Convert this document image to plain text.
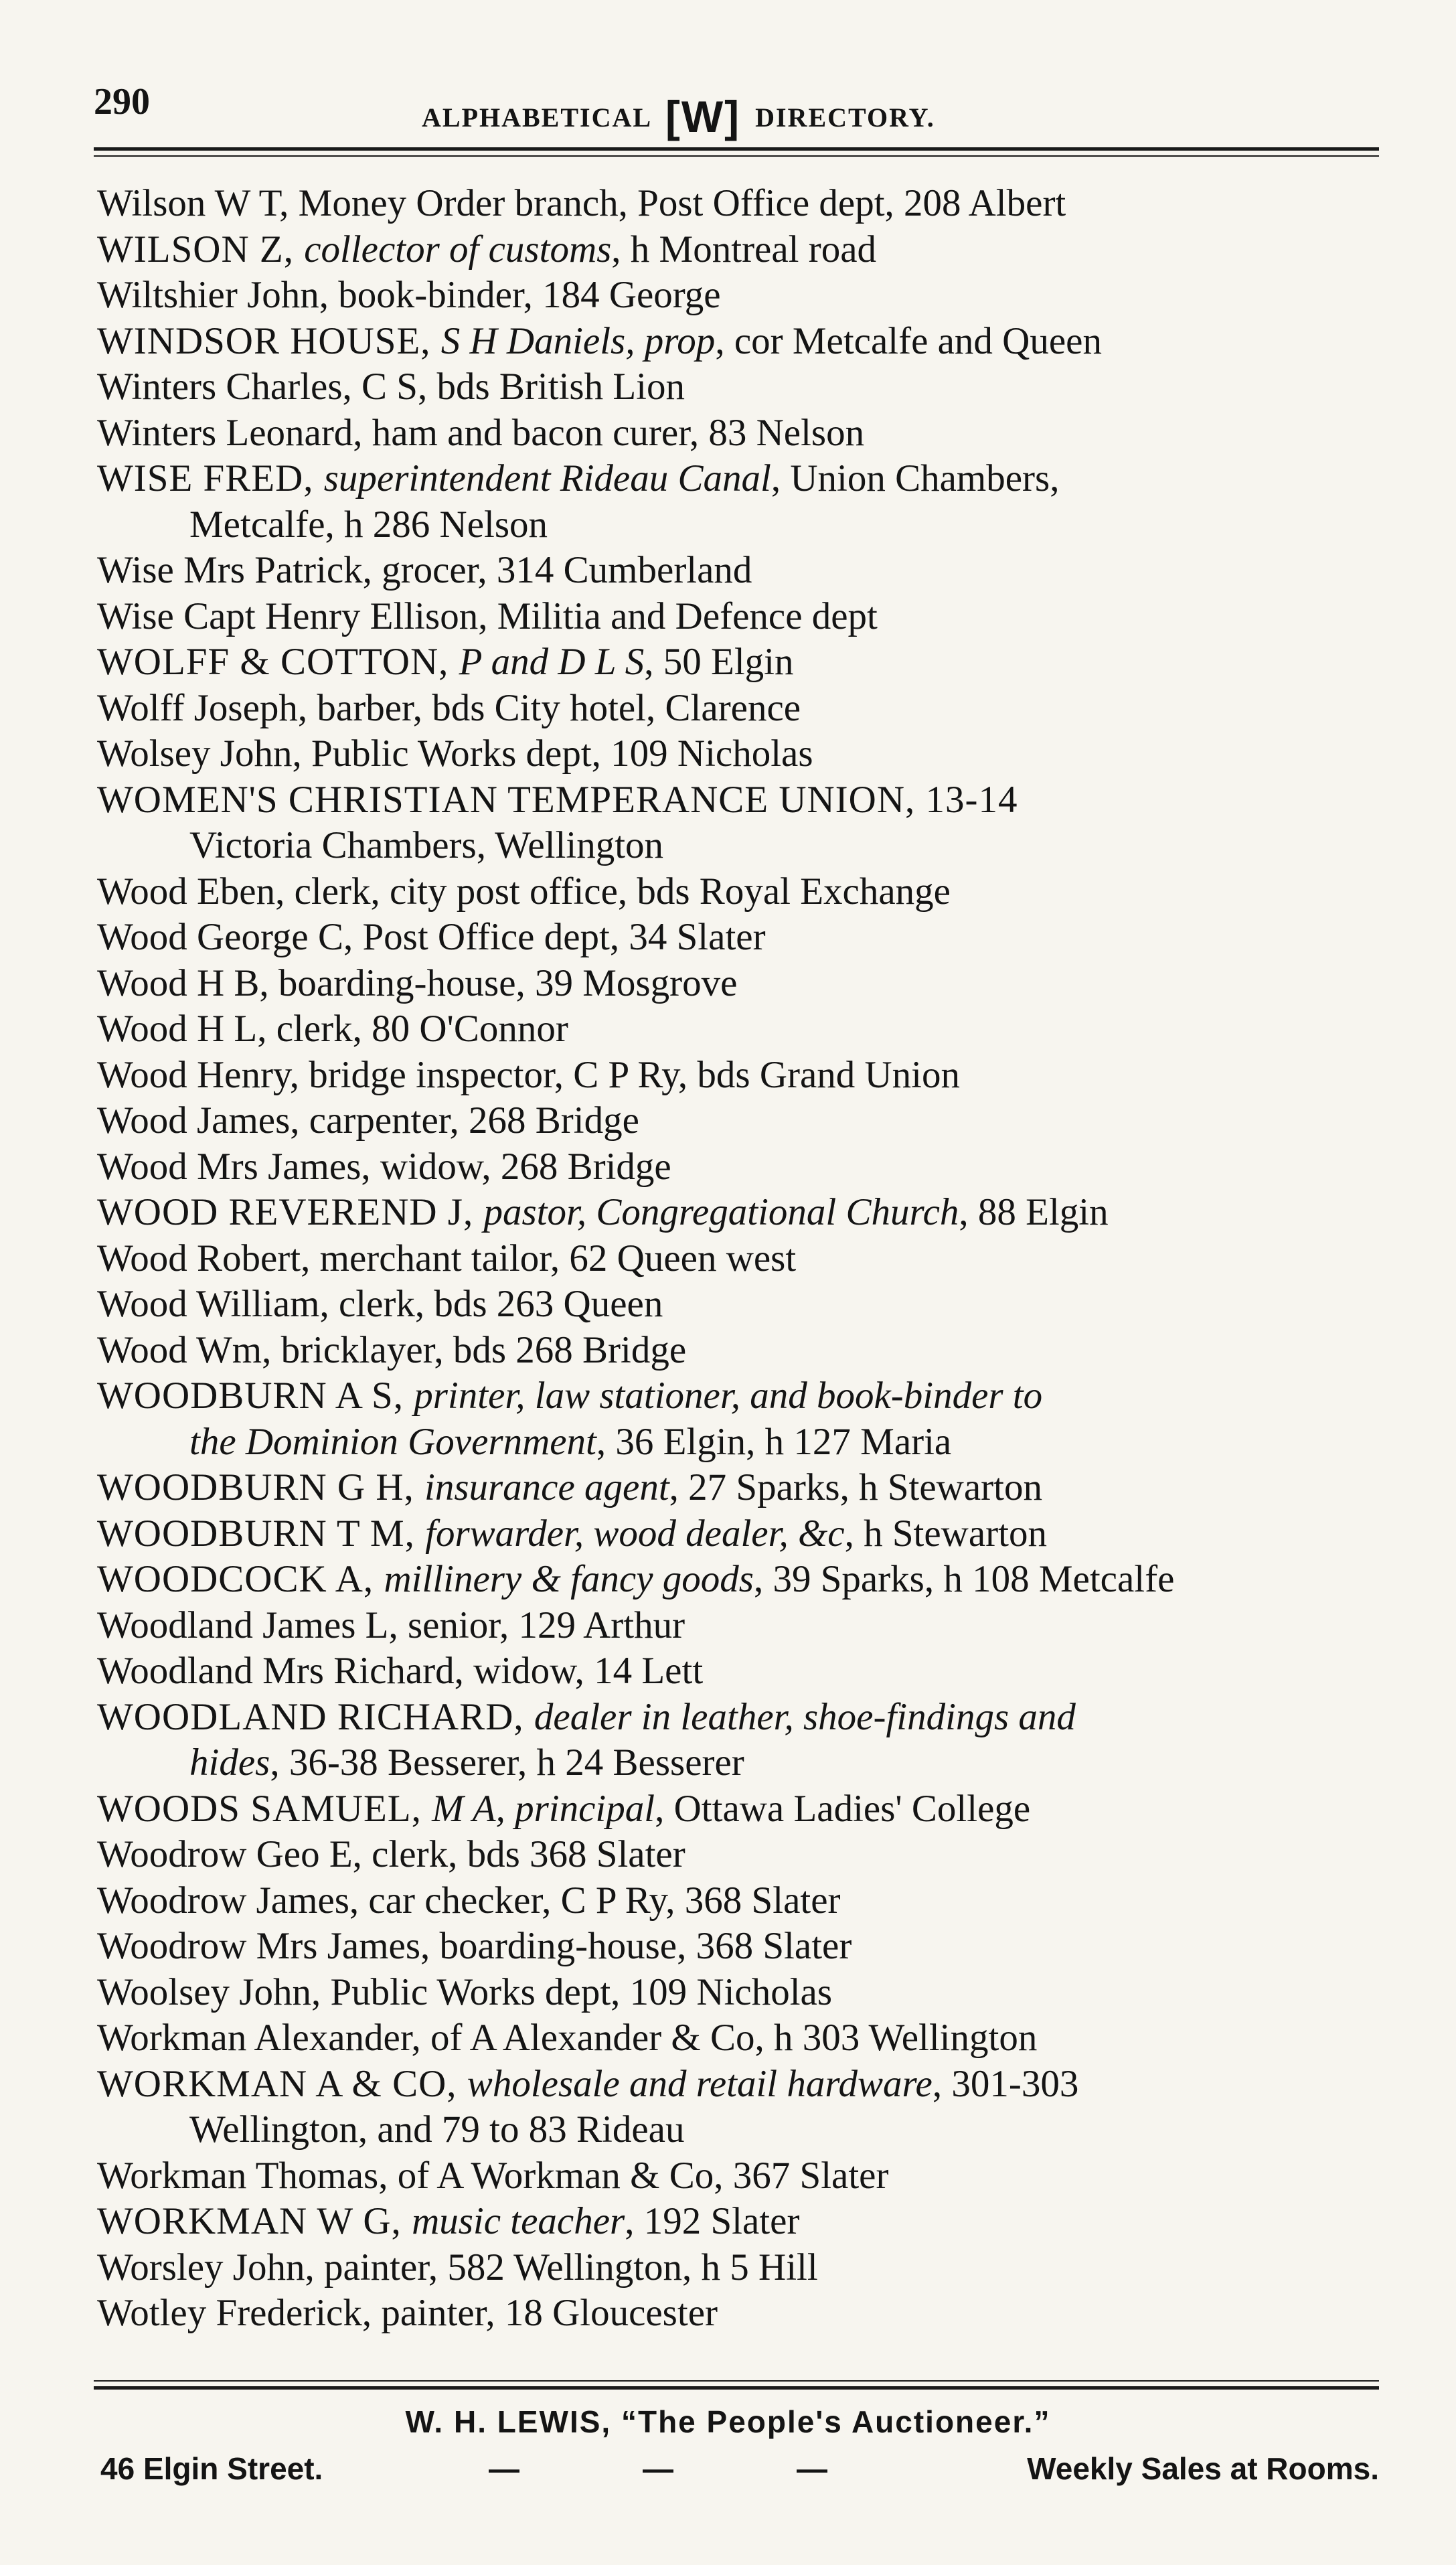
290	ALPHABETICAL [W] DIRECTORY.
Wilson W T, Money Order branch, Post Office dept, 208 Albert
WILSON Z, collector of customs, h Montreal road
Wiltshier John, book-binder, 184 George
WINDSOR HOUSE, S H Daniels, prop, cor Metcalfe and Queen
Winters Charles, C S, bds British Lion
Winters Leonard, ham and bacon curer, 83 Nelson
WISE FRED, superintendent Rideau Canal, Union Chambers,
Metcalfe, h 286 Nelson
Wise Mrs Patrick, grocer, 314 Cumberland
Wise Capt Henry Ellison, Militia and Defence dept
WOLFF & COTTON, P and D L S, 50 Elgin
Wolff Joseph, barber, bds City hotel, Clarence
Wolsey John, Public Works dept, 109 Nicholas
WOMEN'S CHRISTIAN TEMPERANCE UNION, 13-14
Victoria Chambers, Wellington
Wood Eben, clerk, city post office, bds Royal Exchange
Wood George C, Post Office dept, 34 Slater
Wood H B, boarding-house, 39 Mosgrove
Wood H L, clerk, 80 O'Connor
Wood Henry, bridge inspector, C P Ry, bds Grand Union
Wood James, carpenter, 268 Bridge
Wood Mrs James, widow, 268 Bridge
WOOD REVEREND J, pastor, Congregational Church, 88 Elgin
Wood Robert, merchant tailor, 62 Queen west
Wood William, clerk, bds 263 Queen
Wood Wm, bricklayer, bds 268 Bridge
WOODBURN A S, printer, law stationer, and book-binder to
the Dominion Government, 36 Elgin, h 127 Maria
WOODBURN G H, insurance agent, 27 Sparks, h Stewarton
WOODBURN T M, forwarder, wood dealer, &c, h Stewarton
WOODCOCK A, millinery & fancy goods, 39 Sparks, h 108 Metcalfe
Woodland James L, senior, 129 Arthur
Woodland Mrs Richard, widow, 14 Lett
WOODLAND RICHARD, dealer in leather, shoe-findings and
hides, 36-38 Besserer, h 24 Besserer
WOODS SAMUEL, M A, principal, Ottawa Ladies' College
Woodrow Geo E, clerk, bds 368 Slater
Woodrow James, car checker, C P Ry, 368 Slater
Woodrow Mrs James, boarding-house, 368 Slater
Woolsey John, Public Works dept, 109 Nicholas
Workman Alexander, of A Alexander & Co, h 303 Wellington
WORKMAN A & CO, wholesale and retail hardware, 301-303
Wellington, and 79 to 83 Rideau
Workman Thomas, of A Workman & Co, 367 Slater
WORKMAN W G, music teacher, 192 Slater
Worsley John, painter, 582 Wellington, h 5 Hill
Wotley Frederick, painter, 18 Gloucester
W. H. LEWIS, “The People's Auctioneer.”
46 Elgin Street.	—	—	—	Weekly Sales at Rooms.
